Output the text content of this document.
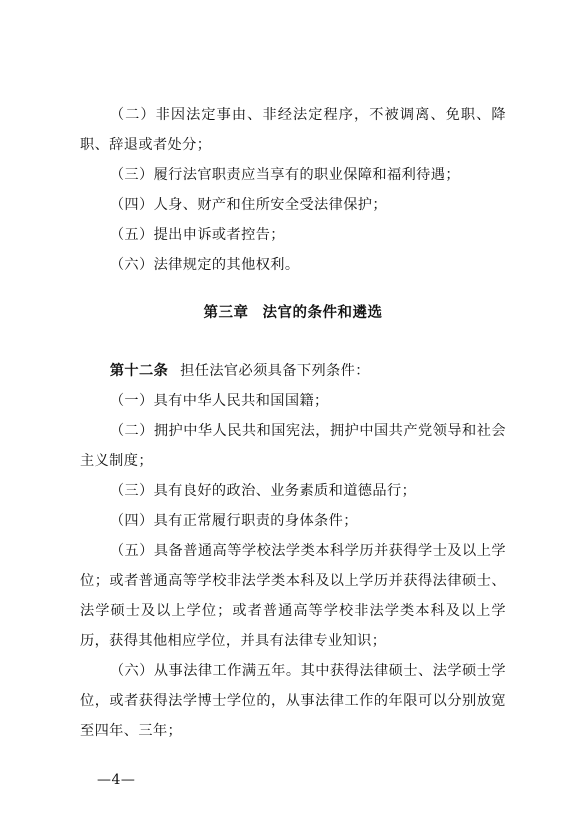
（二）非因法定事由、非经法定程序，不被调离、免职、降职、辞退或者处分；

（三）履行法官职责应当享有的职业保障和福利待遇；

（四）人身、财产和住所安全受法律保护；

（五）提出申诉或者控告；

（六）法律规定的其他权利。

第三章 法官的条件和遴选

第十二条 担任法官必须具备下列条件：

（一）具有中华人民共和国国籍；

（二）拥护中华人民共和国宪法，拥护中国共产党领导和社会主义制度；

（三）具有良好的政治、业务素质和道德品行；

（四）具有正常履行职责的身体条件；

（五）具备普通高等学校法学类本科学历并获得学士及以上学位；或者普通高等学校非法学类本科及以上学历并获得法律硕士、法学硕士及以上学位；或者普通高等学校非法学类本科及以上学历，获得其他相应学位，并具有法律专业知识；

（六）从事法律工作满五年。其中获得法律硕士、法学硕士学位，或者获得法学博士学位的，从事法律工作的年限可以分别放宽至四年、三年；

—4—
